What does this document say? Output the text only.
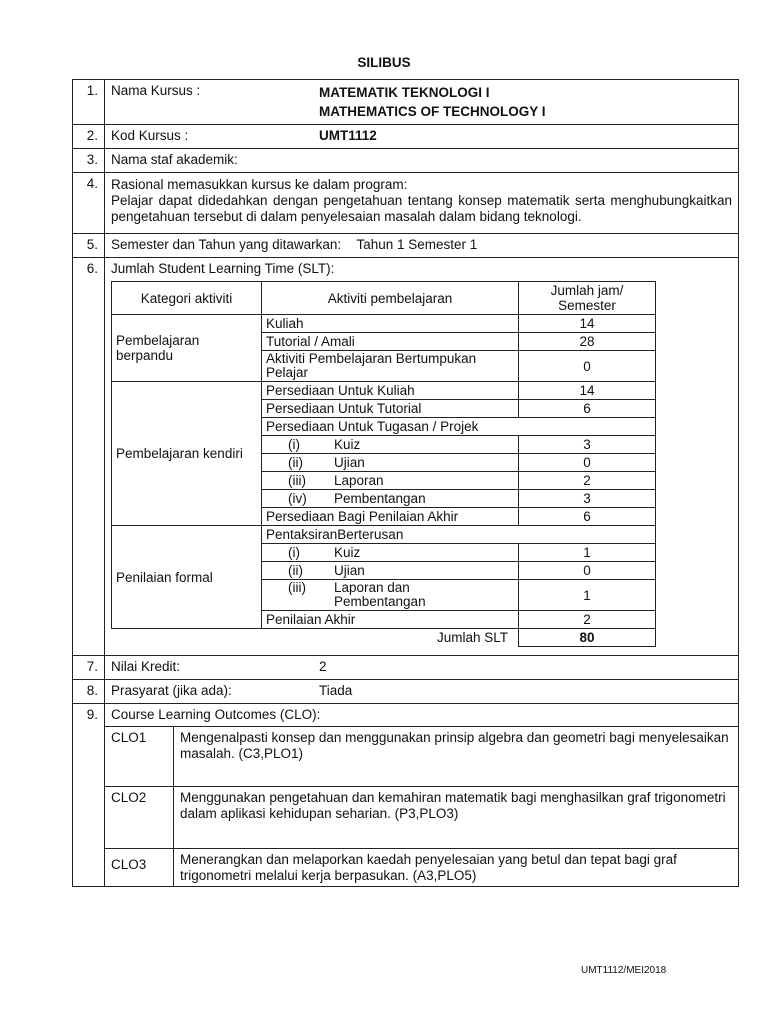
SILIBUS
1.	Nama Kursus :	MATEMATIK TEKNOLOGI I
MATHEMATICS OF TECHNOLOGY I

2.	Kod Kursus :	UMT1112

3.	Nama staf akademik:
4.	Rasional memasukkan kursus ke dalam program:
Pelajar dapat didedahkan dengan pengetahuan tentang konsep matematik serta menghubungkaitkan pengetahuan tersebut di dalam penyelesaian masalah dalam bidang teknologi.

5.	Semester dan Tahun yang ditawarkan: Tahun 1 Semester 1
6.	Jumlah Student Learning Time (SLT):
Kategori aktiviti	Aktiviti pembelajaran	Jumlah jam/ Semester
Pembelajaran berpandu	Kuliah	14
Tutorial / Amali	28
Aktiviti Pembelajaran Bertumpukan Pelajar	0
Pembelajaran kendiri	Persediaan Untuk Kuliah	14
Persediaan Untuk Tutorial	6
Persediaan Untuk Tugasan / Projek
(i)	Kuiz	3
(ii) Ujian	0
(iii) Laporan	2
(iv) Pembentangan	3
Persediaan Bagi Penilaian Akhir	6
Penilaian formal	PentaksiranBerterusan
(i)	Kuiz	1
(ii) Ujian	0
(iii) Laporan dan Pembentangan	1
Penilaian Akhir	2
Jumlah SLT	80

7.	Nilai Kredit:	2

8.	Prasyarat (jika ada):	Tiada

9.	Course Learning Outcomes (CLO):
CLO1	Mengenalpasti konsep dan menggunakan prinsip algebra dan geometri bagi menyelesaikan masalah. (C3,PLO1)
CLO2	Menggunakan pengetahuan dan kemahiran matematik bagi menghasilkan graf trigonometri dalam aplikasi kehidupan seharian. (P3,PLO3)
CLO3	Menerangkan dan melaporkan kaedah penyelesaian yang betul dan tepat bagi graf trigonometri melalui kerja berpasukan. (A3,PLO5)
UMT1112/MEI2018
